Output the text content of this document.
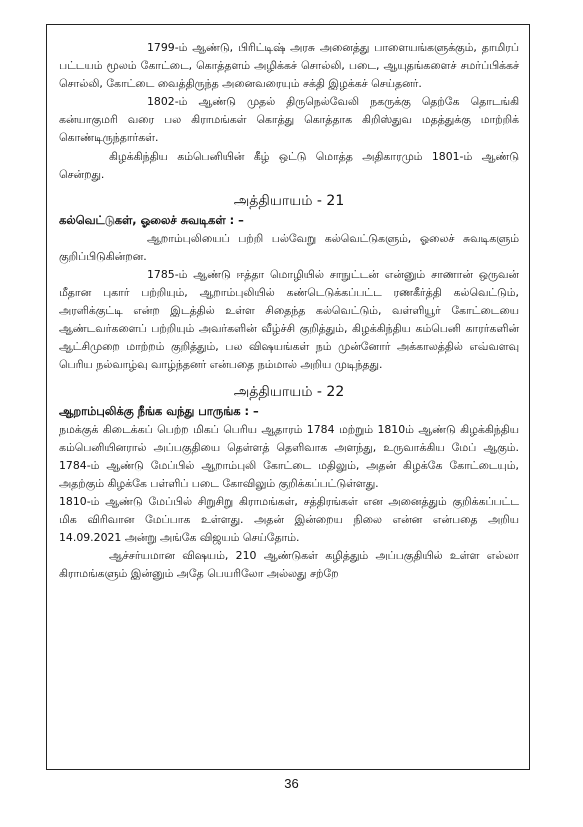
1799-ம் ஆண்டு, பிரிட்டிஷ் அரசு அனைத்து பாளையங்களுக்கும், தாமிரப் பட்டயம் மூலம் கோட்டை, கொத்தளம் அழிக்கச் சொல்லி, படை, ஆயுதங்களைச் சமர்ப்பிக்கச் சொல்லி, கோட்டை வைத்திருந்த அனைவரையும் சக்தி இழக்கச் செய்தனர்.

1802-ம் ஆண்டு முதல் திருநெல்வேலி நகருக்கு தெற்கே தொடங்கி கன்யாகுமரி வரை பல கிராமங்கள் கொத்து கொத்தாக கிறிஸ்துவ மதத்துக்கு மாற்றிக் கொண்டிருந்தார்கள்.

கிழக்கிந்திய கம்பெனியின் கீழ் ஒட்டு மொத்த அதிகாரமும் 1801-ம் ஆண்டு சென்றது.

அத்தியாயம் - 21
கல்வெட்டுகள், ஓலைச் சுவடிகள் : –

ஆறாம்புலியைப் பற்றி பல்வேறு கல்வெட்டுகளும், ஓலைச் சுவடிகளும் குறிப்பிடுகின்றன.

1785-ம் ஆண்டு ஈத்தா மொழியில் சாநுட்டன் என்னும் சாணான் ஒருவன் மீதான புகார் பற்றியும், ஆறாம்புலியில் கண்டெடுக்கப்பட்ட ரணகீர்த்தி கல்வெட்டும், அரளிக்குட்டி என்ற இடத்தில் உள்ள சிதைந்த கல்வெட்டும், வள்ளியூர் கோட்டையை ஆண்டவர்களைப் பற்றியும் அவர்களின் வீழ்ச்சி குறித்தும், கிழக்கிந்திய கம்பெனி காரர்களின் ஆட்சிமுறை மாற்றம் குறித்தும், பல விஷயங்கள் நம் முன்னோர் அக்காலத்தில் எவ்வளவு பெரிய நல்வாழ்வு வாழ்ந்தனர் என்பதை நம்மால் அறிய முடிந்தது.

அத்தியாயம் - 22
ஆறாம்புலிக்கு நீங்க வந்து பாருங்க : –

நமக்குக் கிடைக்கப் பெற்ற மிகப் பெரிய ஆதாரம் 1784 மற்றும் 1810ம் ஆண்டு கிழக்கிந்திய கம்பெனியினரால் அப்பகுதியை தெள்ளத் தெளிவாக அளந்து, உருவாக்கிய மேப் ஆகும். 1784-ம் ஆண்டு மேப்பில் ஆறாம்புலி கோட்டை மதிலும், அதன் கிழக்கே கோட்டையும், அதற்கும் கிழக்கே பள்ளிப் படை கோவிலும் குறிக்கப்பட்டுள்ளது.

1810-ம் ஆண்டு மேப்பில் சிறுசிறு கிராமங்கள், சத்திரங்கள் என அனைத்தும் குறிக்கப்பட்ட மிக விரிவான மேப்பாக உள்ளது. அதன் இன்றைய நிலை என்ன என்பதை அறிய 14.09.2021 அன்று அங்கே விஜயம் செய்தோம்.

ஆச்சர்யமான விஷயம், 210 ஆண்டுகள் கழித்தும் அப்பகுதியில் உள்ள எல்லா கிராமங்களும் இன்னும் அதே பெயரிலோ அல்லது சற்றே

36
